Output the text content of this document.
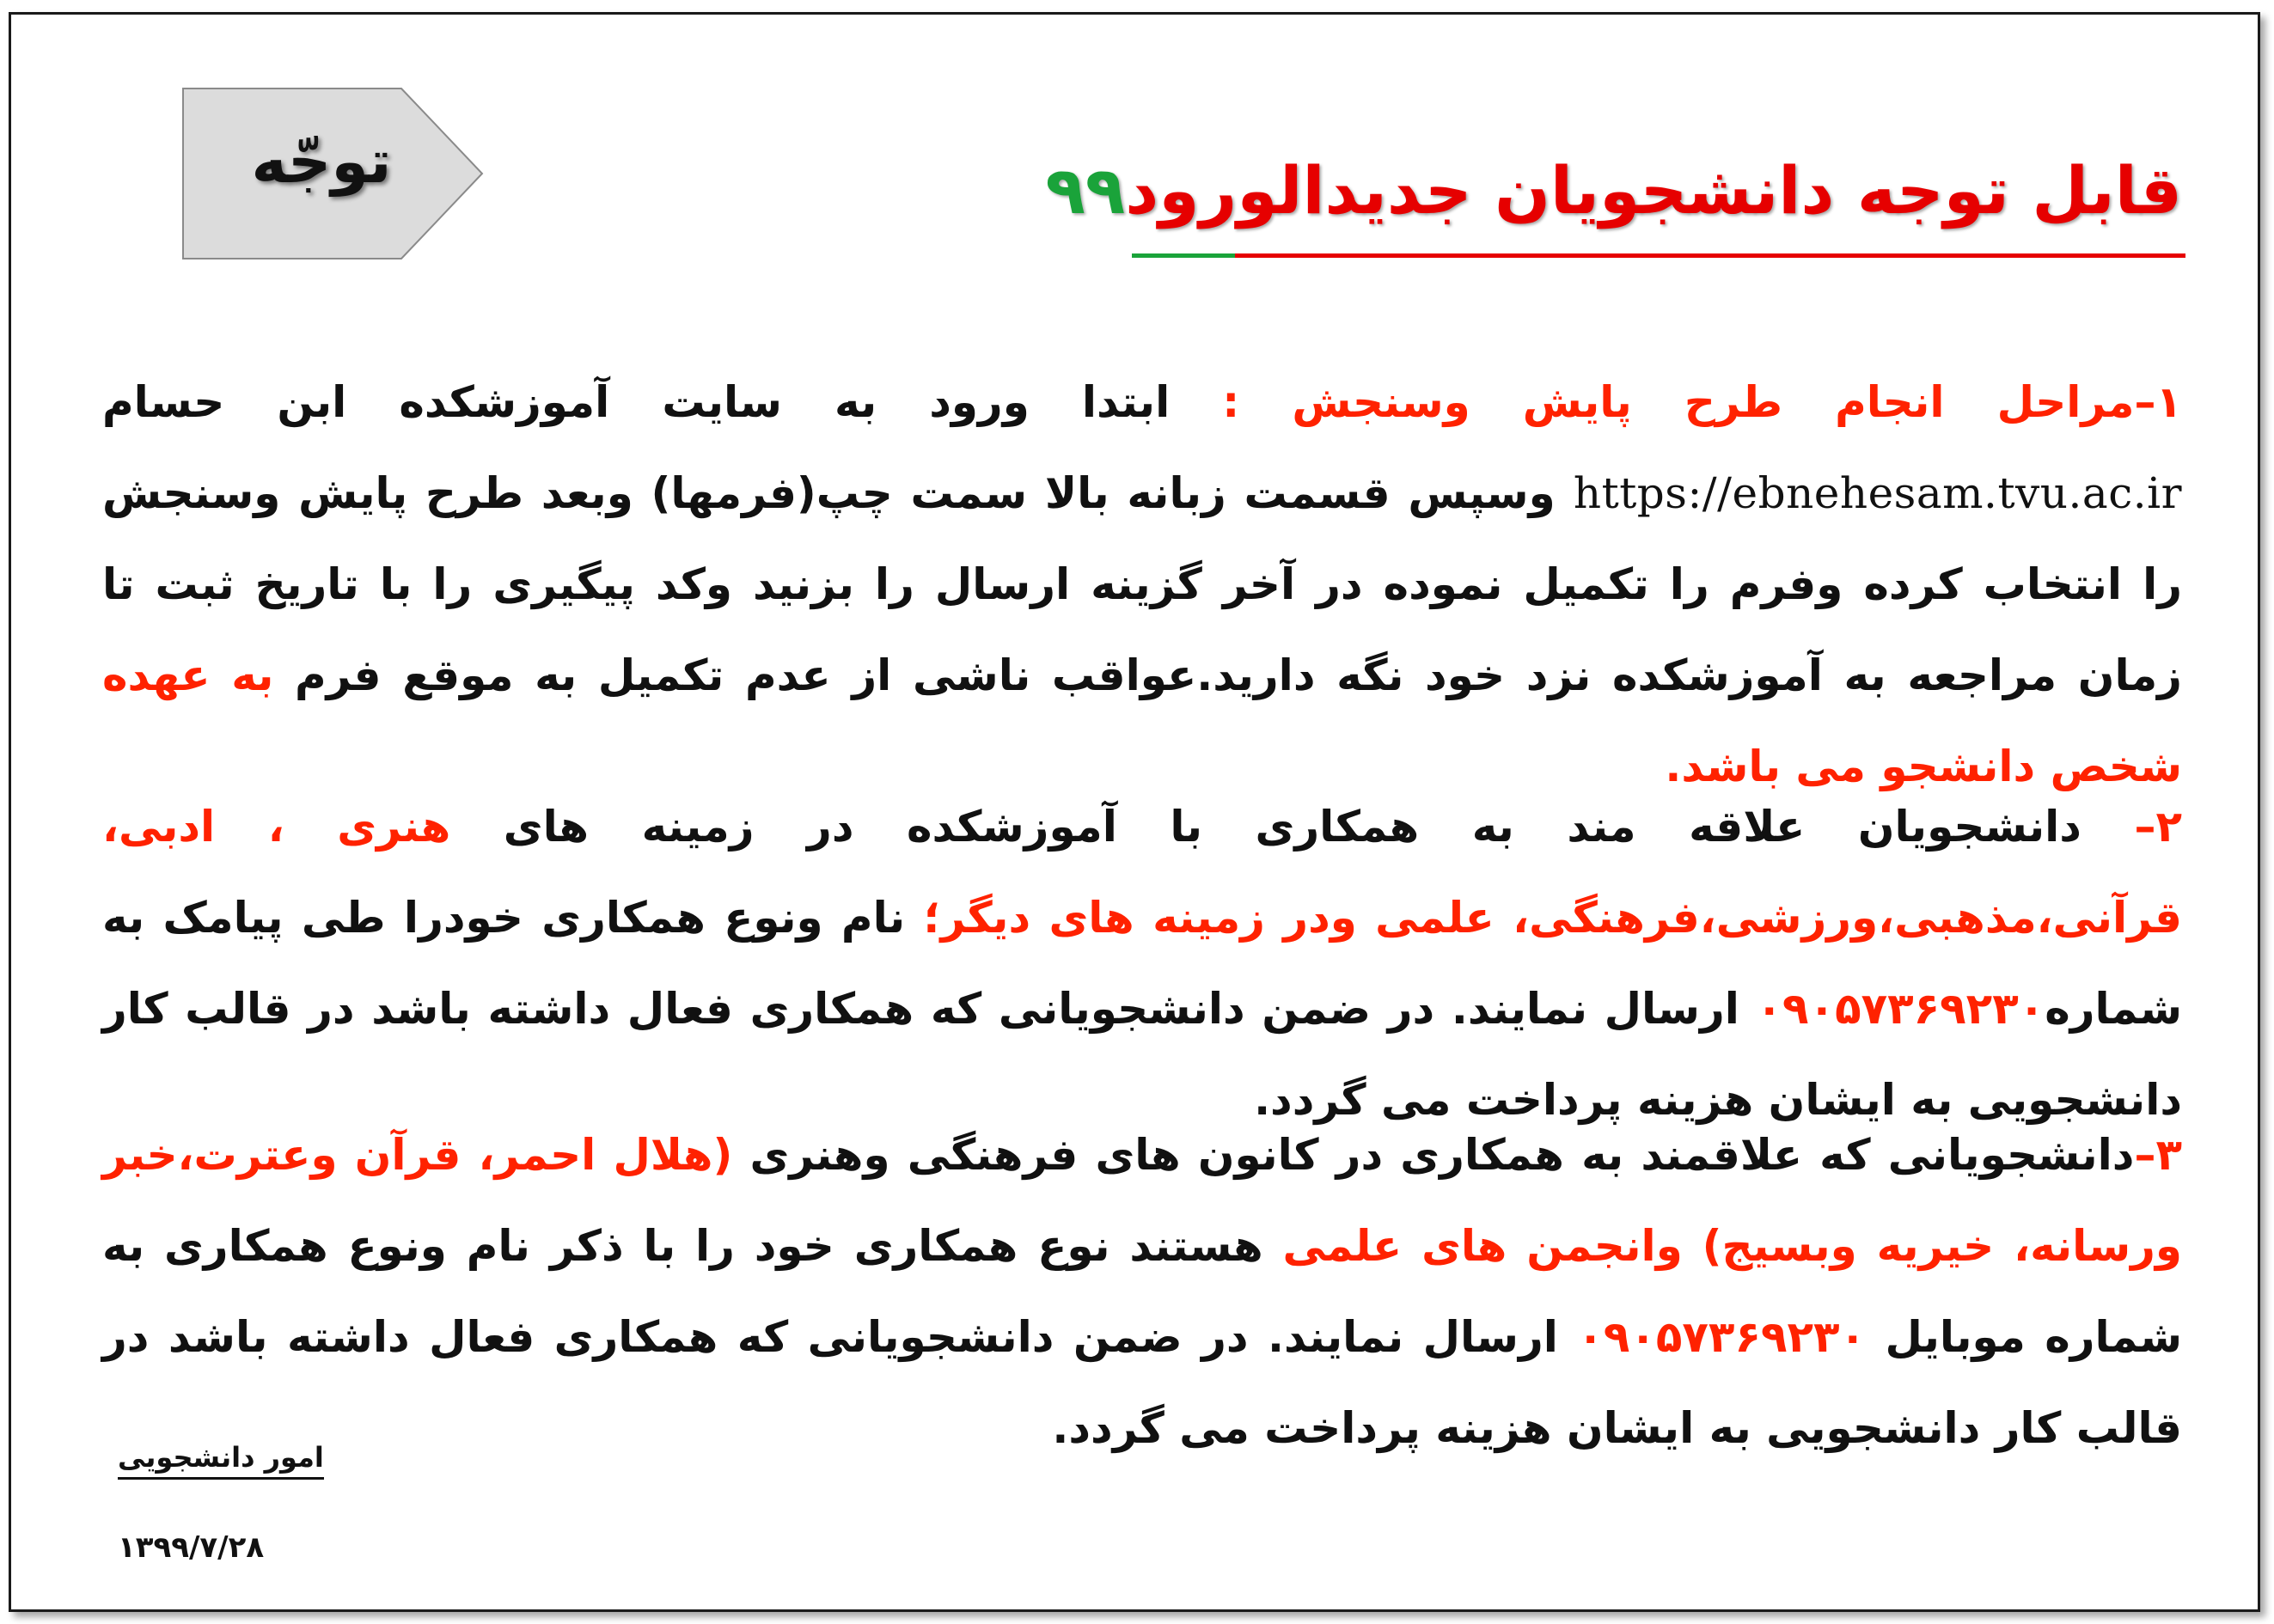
توجّه	قابل توجه دانشجویان جدیدالورود۹۹
۱–مراحل انجام طرح پایش وسنجش : ابتدا ورود به سایت آموزشکده ابن حسام https://ebnehesam.tvu.ac.ir وسپس قسمت زبانه بالا سمت چپ(فرمها) وبعد طرح پایش وسنجش را انتخاب کرده وفرم را تکمیل نموده در آخر گزینه ارسال را بزنید وکد پیگیری را با تاریخ ثبت تا زمان مراجعه به آموزشکده نزد خود نگه دارید.عواقب ناشی از عدم تکمیل به موقع فرم به عهده شخص دانشجو می باشد.
۲– دانشجویان علاقه مند به همکاری با آموزشکده در زمینه های هنری ، ادبی، قرآنی،مذهبی،ورزشی،فرهنگی، علمی ودر زمینه های دیگر؛ نام ونوع همکاری خودرا طی پیامک به شماره۰۹۰۵۷۳۶۹۲۳۰ ارسال نمایند. در ضمن دانشجویانی که همکاری فعال داشته باشد در قالب کار دانشجویی به ایشان هزینه پرداخت می گردد.
۳–دانشجویانی که علاقمند به همکاری در کانون های فرهنگی وهنری (هلال احمر، قرآن وعترت،خبر ورسانه، خیریه وبسیج) وانجمن های علمی هستند نوع همکاری خود را با ذکر نام ونوع همکاری به شماره موبایل ۰۹۰۵۷۳۶۹۲۳۰ ارسال نمایند. در ضمن دانشجویانی که همکاری فعال داشته باشد در قالب کار دانشجویی به ایشان هزینه پرداخت می گردد.
امور دانشجویی
۱۳۹۹/۷/۲۸
